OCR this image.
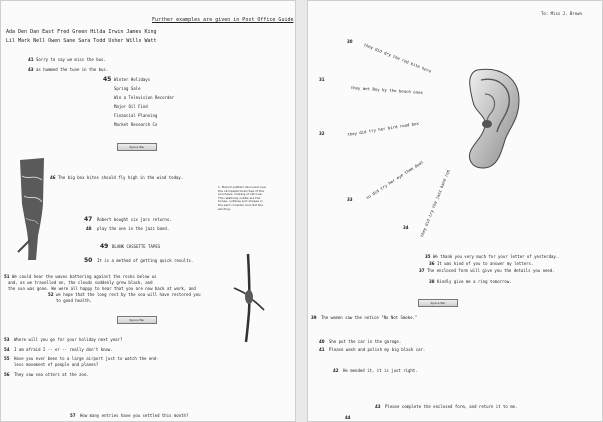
Further examples are given in Post Office Guide
Ada Den Dan East Fred Green Hilda Irwin James King
Lil Mark Nell Owen Sane Sara Todd Usher Wills Watt
41 Sorry to say we miss the bus.
43 as hummed the tune in the bus.
45 Winter Holidays
Spring Sale
Win a Television Recorder
Major Oil Find
Financial Planning
Market Research Co
Space Bar
46 The big box kites should fly high in the wind today.
1. Branch pattern favoured over the oil-treated branches of the prunhave, making of silicone. The relatively subtle are the bones, outlines and shapes in the sard consider and dull the winding.
47 Robert bought six jars returns.
48 play the one in the jazz band.
49 BLANK CASSETTE TAPES
50 It is a method of getting quick results.
51 We could hear the waves battering against the rocks below us
and, as we travelled on, the clouds suddenly grew black, and
the sun was gone. We were all happy to hear that you are now back at work, and
52 we hope that the long rest by the sea will have restored you
to good health.
Space Bar
53 Where will you go for your holiday next year?
54 I am afraid I -- er -- really don't know.
55 Have you ever been to a large airport just to watch the end-
less movement of people and planes?
56 They saw sea otters at the zoo.
57 How many entries have you settled this month?
To: Miss J. Brown
31
32
30
33
34
they did dry the red kite here
they met Boy by the beach ones
they did try her bird road box
so did try her eye them dual
they did try the jazz band rod
35 We thank you very much for your letter of yesterday.
36 It was kind of you to answer my letters.
37 The enclosed form will give you the details you need.
38 Kindly give me a ring tomorrow.
Space Bar
39 The women saw the notice "No Not Smoke."
40 She put the car in the garage.
41 Please wash and polish my big black car.
42 He mended it, it is just right.
43 Please complete the enclosed form, and return it to me.
44
